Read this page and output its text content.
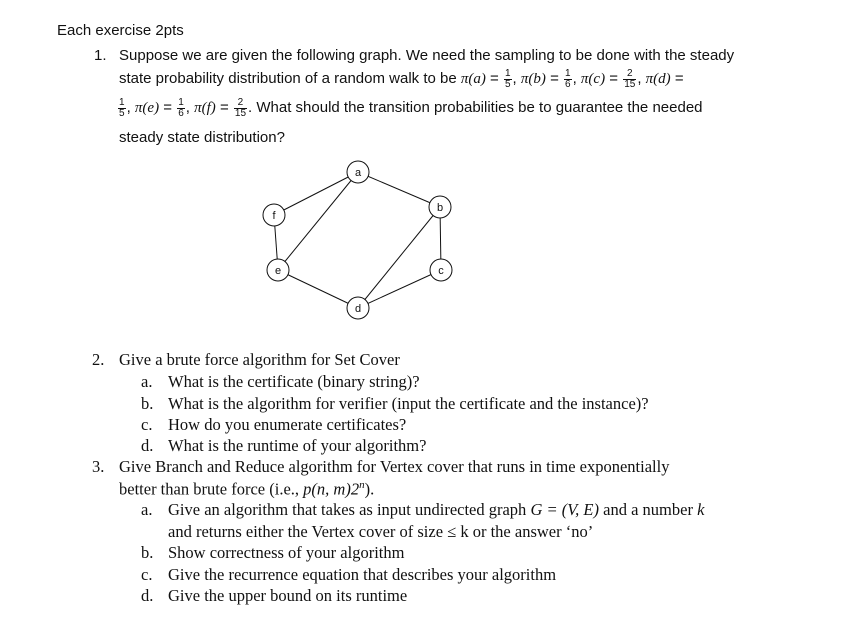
Each exercise 2pts
1. Suppose we are given the following graph. We need the sampling to be done with the steady
state probability distribution of a random walk to be $\pi(a) = \frac{1}{5}$ , $\pi(b) = \frac{1}{6}$ , $\pi(c) = \frac{2}{15}$ , π(d) =
$\frac{1}{5}$ , $\pi(e) = \frac{1}{6}$ , $\pi(f) = \frac{2}{15}$ . What should the transition probabilities be to guarantee the needed
steady state distribution?
a
b
c
d
e
f
2. Give a brute force algorithm for Set Cover
a. What is the certificate (binary string)?
b. What is the algorithm for verifier (input the certificate and the instance)?
c. How do you enumerate certificates?
d. What is the runtime of your algorithm?
3. Give Branch and Reduce algorithm for Vertex cover that runs in time exponentially
better than brute force (i.e., p(n, m)2$^n$).
a. Give an algorithm that takes as input undirected graph G = (V, E) and a number k
and returns either the Vertex cover of size ≤ k or the answer ‘no’
b. Show correctness of your algorithm
c. Give the recurrence equation that describes your algorithm
d. Give the upper bound on its runtime
